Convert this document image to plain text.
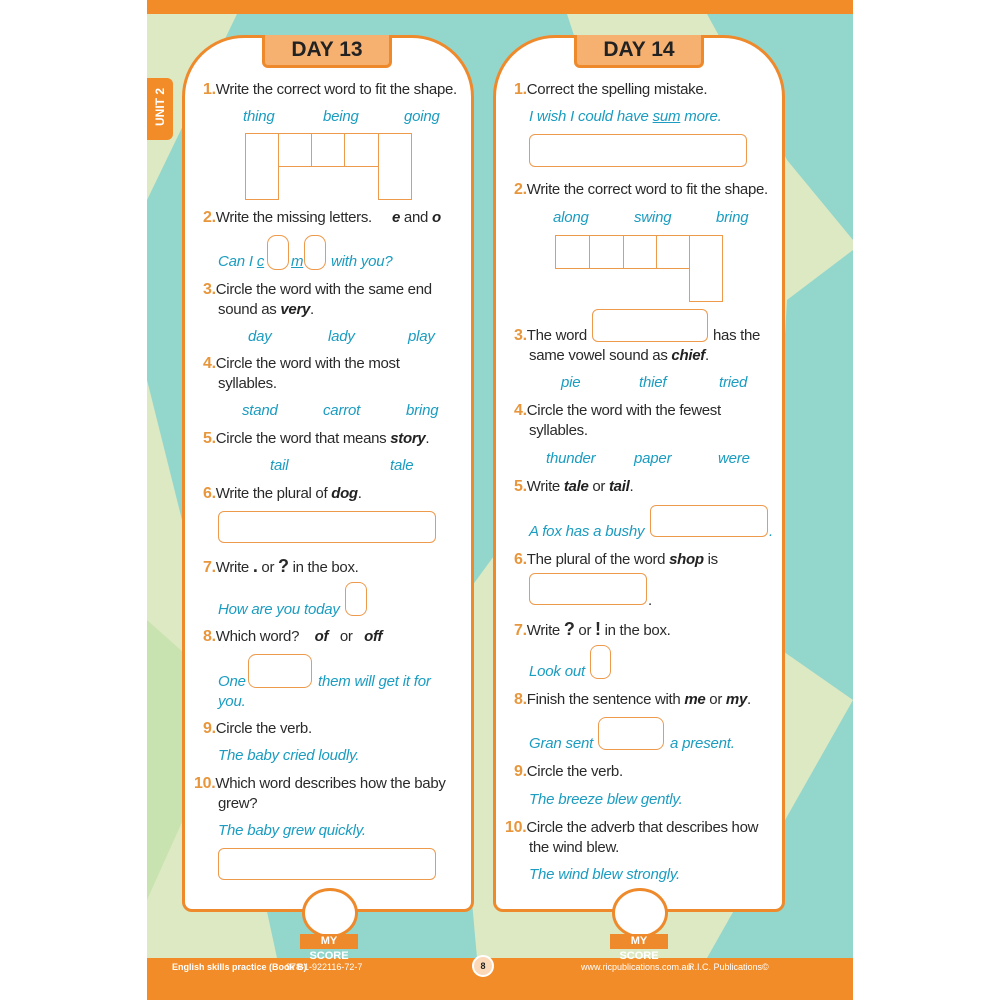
UNIT 2
DAY 13
1.Write the correct word to fit the shape.
thing	being	going
2.Write the missing letters. e and o
Can I c m with you?
3.Circle the word with the same end
sound as very.
day	lady	play
4.Circle the word with the most
syllables.
stand	carrot	bring
5.Circle the word that means story.
tail	tale
6.Write the plural of dog.
7.Write . or ? in the box.
How are you today
8.Which word? of or off
One	them will get it for
you.
9.Circle the verb.
The baby cried loudly.
10.Which word describes how the baby
grew?
The baby grew quickly.
MY SCORE
DAY 14
1.Correct the spelling mistake.
I wish I could have sum more.
2.Write the correct word to fit the shape.
along	swing	bring
3.The word	has the
same vowel sound as chief.
pie	thief	tried
4.Circle the word with the fewest
syllables.
thunder	paper	were
5.Write tale or tail.
A fox has a bushy	.
6.The plural of the word shop is
.
7.Write ? or ! in the box.
Look out
8.Finish the sentence with me or my.
Gran sent	a present.
9.Circle the verb.
The breeze blew gently.
10.Circle the adverb that describes how
the wind blew.
The wind blew strongly.
MY SCORE
English skills practice (Book B)
978-1-922116-72-7	8	www.ricpublications.com.au
R.I.C. Publications©
